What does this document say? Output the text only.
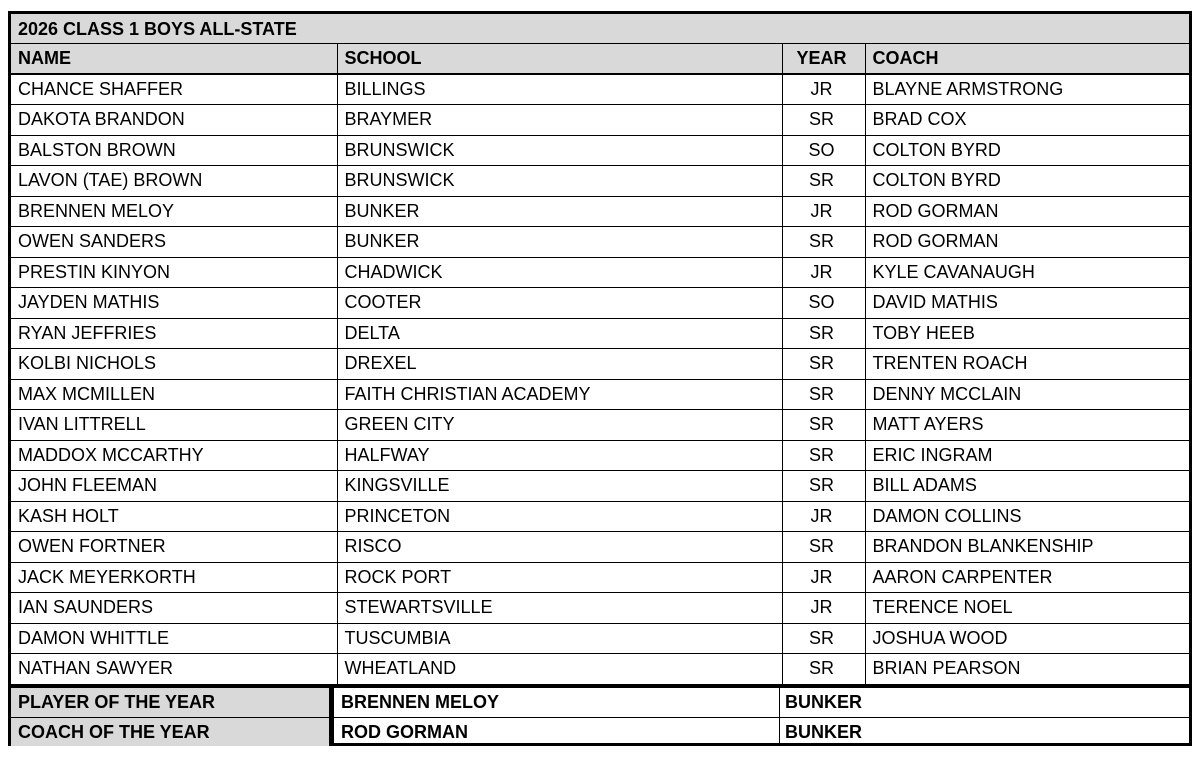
2026 CLASS 1 BOYS ALL-STATE
NAME	SCHOOL	YEAR	COACH
CHANCE SHAFFER	BILLINGS	JR	BLAYNE ARMSTRONG
DAKOTA BRANDON	BRAYMER	SR	BRAD COX
BALSTON BROWN	BRUNSWICK	SO	COLTON BYRD
LAVON (TAE) BROWN	BRUNSWICK	SR	COLTON BYRD
BRENNEN MELOY	BUNKER	JR	ROD GORMAN
OWEN SANDERS	BUNKER	SR	ROD GORMAN
PRESTIN KINYON	CHADWICK	JR	KYLE CAVANAUGH
JAYDEN MATHIS	COOTER	SO	DAVID MATHIS
RYAN JEFFRIES	DELTA	SR	TOBY HEEB
KOLBI NICHOLS	DREXEL	SR	TRENTEN ROACH
MAX MCMILLEN	FAITH CHRISTIAN ACADEMY	SR	DENNY MCCLAIN
IVAN LITTRELL	GREEN CITY	SR	MATT AYERS
MADDOX MCCARTHY	HALFWAY	SR	ERIC INGRAM
JOHN FLEEMAN	KINGSVILLE	SR	BILL ADAMS
KASH HOLT	PRINCETON	JR	DAMON COLLINS
OWEN FORTNER	RISCO	SR	BRANDON BLANKENSHIP
JACK MEYERKORTH	ROCK PORT	JR	AARON CARPENTER
IAN SAUNDERS	STEWARTSVILLE	JR	TERENCE NOEL
DAMON WHITTLE	TUSCUMBIA	SR	JOSHUA WOOD
NATHAN SAWYER	WHEATLAND	SR	BRIAN PEARSON
PLAYER OF THE YEAR	BRENNEN MELOY	BUNKER
COACH OF THE YEAR	ROD GORMAN	BUNKER
